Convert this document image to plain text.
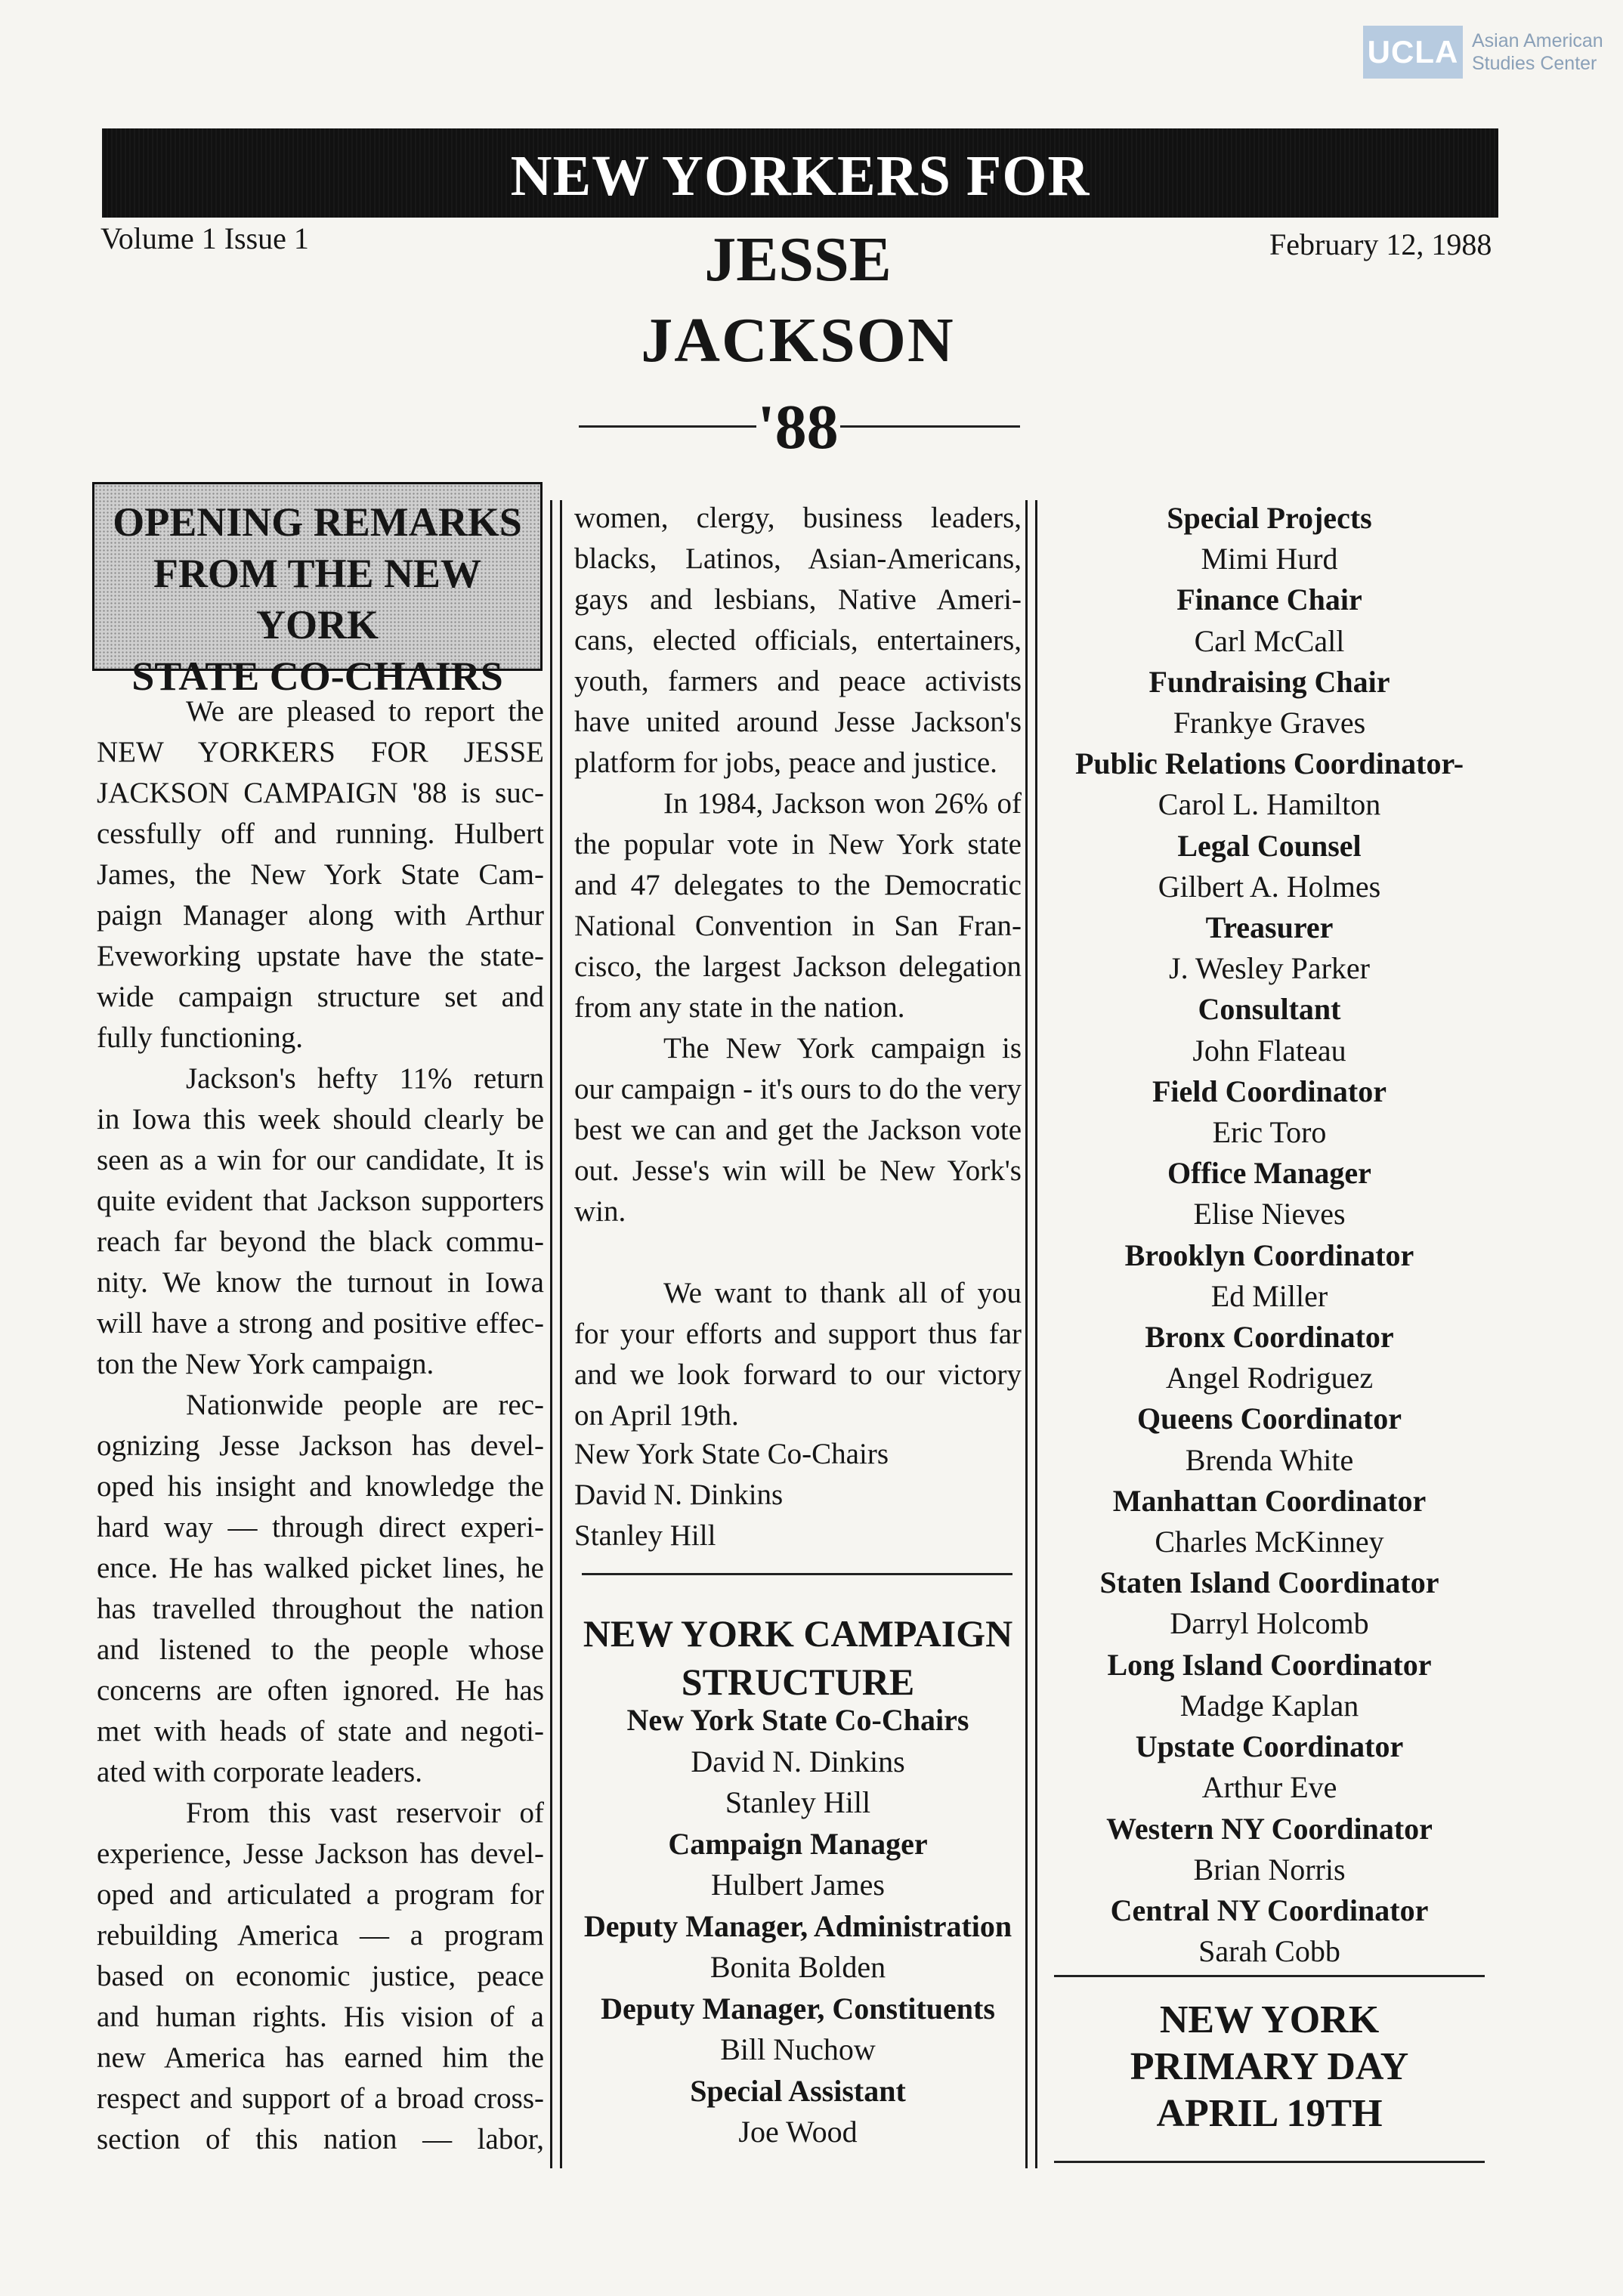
UCLA Asian American
Studies Center
NEW YORKERS FOR
Volume 1 Issue 1	February 12, 1988
JESSE
JACKSON
'88
OPENING REMARKS
FROM THE NEW YORK
STATE CO-CHAIRS
We are pleased to report the
NEW YORKERS FOR JESSE
JACKSON CAMPAIGN '88 is suc-
cessfully off and running. Hulbert
James, the New York State Cam-
paign Manager along with Arthur
Eveworking upstate have the state-
wide campaign structure set and
fully functioning.
Jackson's hefty 11% return
in Iowa this week should clearly be
seen as a win for our candidate, It is
quite evident that Jackson supporters
reach far beyond the black commu-
nity. We know the turnout in Iowa
will have a strong and positive effec-
ton the New York campaign.
Nationwide people are rec-
ognizing Jesse Jackson has devel-
oped his insight and knowledge the
hard way — through direct experi-
ence. He has walked picket lines, he
has travelled throughout the nation
and listened to the people whose
concerns are often ignored. He has
met with heads of state and negoti-
ated with corporate leaders.
From this vast reservoir of
experience, Jesse Jackson has devel-
oped and articulated a program for
rebuilding America — a program
based on economic justice, peace
and human rights. His vision of a
new America has earned him the
respect and support of a broad cross-
section of this nation — labor,
women, clergy, business leaders,
blacks, Latinos, Asian-Americans,
gays and lesbians, Native Ameri-
cans, elected officials, entertainers,
youth, farmers and peace activists
have united around Jesse Jackson's
platform for jobs, peace and justice.
In 1984, Jackson won 26% of
the popular vote in New York state
and 47 delegates to the Democratic
National Convention in San Fran-
cisco, the largest Jackson delegation
from any state in the nation.
The New York campaign is
our campaign - it's ours to do the very
best we can and get the Jackson vote
out. Jesse's win will be New York's
win.

We want to thank all of you
for your efforts and support thus far
and we look forward to our victory
on April 19th.
New York State Co-Chairs
David N. Dinkins
Stanley Hill
NEW YORK CAMPAIGN
STRUCTURE
New York State Co-Chairs
David N. Dinkins
Stanley Hill
Campaign Manager
Hulbert James
Deputy Manager, Administration
Bonita Bolden
Deputy Manager, Constituents
Bill Nuchow
Special Assistant
Joe Wood
Special Projects
Mimi Hurd
Finance Chair
Carl McCall
Fundraising Chair
Frankye Graves
Public Relations Coordinator-
Carol L. Hamilton
Legal Counsel
Gilbert A. Holmes
Treasurer
J. Wesley Parker
Consultant
John Flateau
Field Coordinator
Eric Toro
Office Manager
Elise Nieves
Brooklyn Coordinator
Ed Miller
Bronx Coordinator
Angel Rodriguez
Queens Coordinator
Brenda White
Manhattan Coordinator
Charles McKinney
Staten Island Coordinator
Darryl Holcomb
Long Island Coordinator
Madge Kaplan
Upstate Coordinator
Arthur Eve
Western NY Coordinator
Brian Norris
Central NY Coordinator
Sarah Cobb
NEW YORK
PRIMARY DAY
APRIL 19TH
